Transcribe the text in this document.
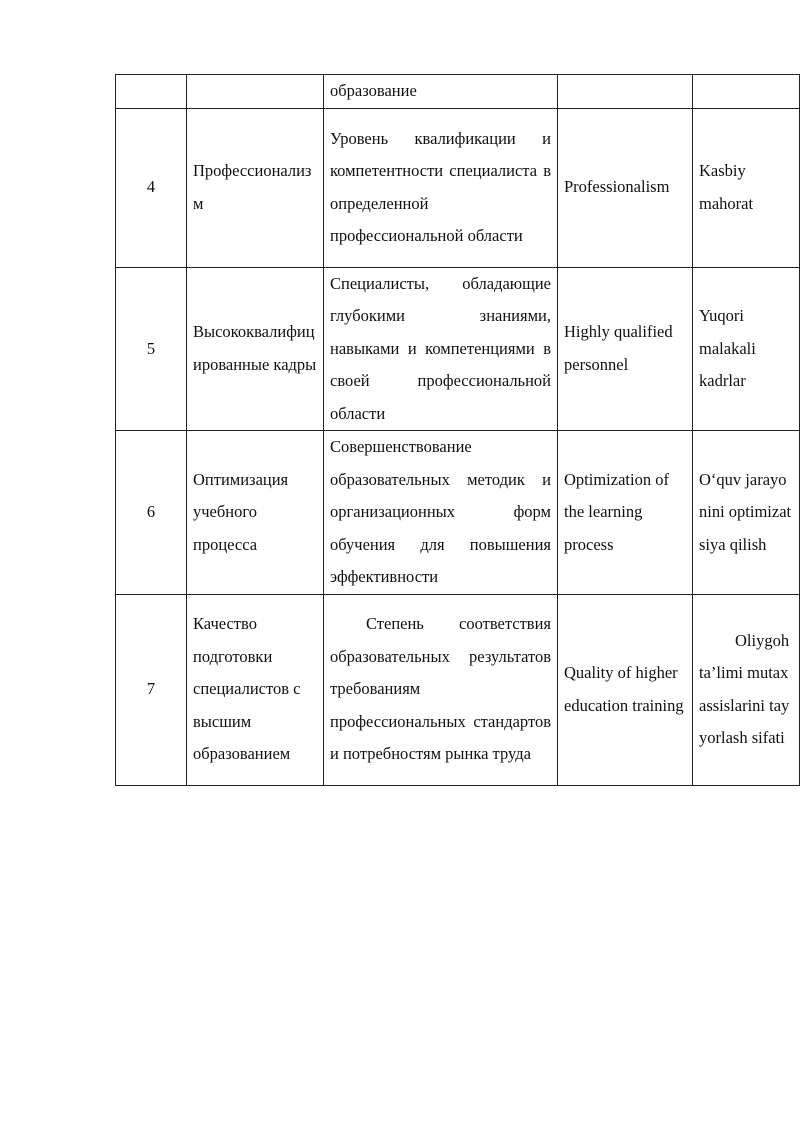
		образование		
4	Профессионализм	Уровень квалификации и компетентности специалиста в определенной профессиональной области	Professionalism	Kasbiy mahorat
5	Высококвалифицированные кадры	Специалисты, обладающие глубокими знаниями, навыками и компетенциями в своей профессиональной области	Highly qualified personnel	Yuqori malakali kadrlar
6	Оптимизация учебного процесса	Совершенствование образовательных методик и организационных форм обучения для повышения эффективности	Optimization of the learning process	O‘quv jarayonini optimizatsiya qilish
7	Качество подготовки специалистов с высшим образованием	Степень соответствия образовательных результатов требованиям профессиональных стандартов и потребностям рынка труда	Quality of higher education training	Oliygoh ta’limi mutaxassislarini tayyorlash sifati
